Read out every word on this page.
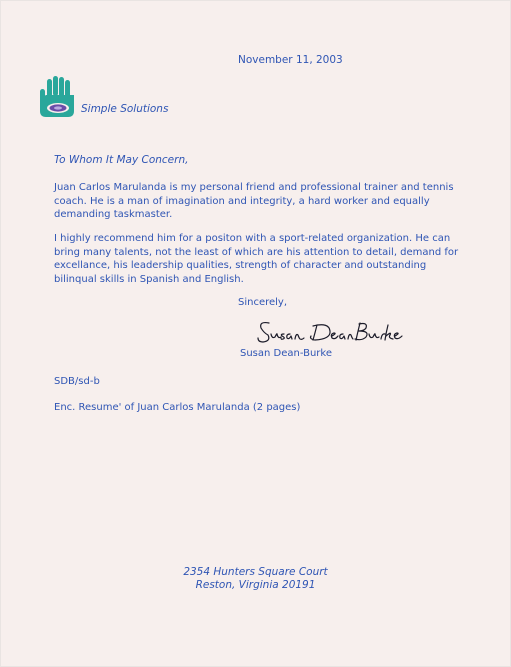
November 11, 2003
Simple Solutions
To Whom It May Concern,
Juan Carlos Marulanda is my personal friend and professional trainer and tennis coach. He is a man of imagination and integrity, a hard worker and equally demanding taskmaster.
I highly recommend him for a positon with a sport-related organization. He can bring many talents, not the least of which are his attention to detail, demand for excellance, his leadership qualities, strength of character and outstanding bilinqual skills in Spanish and English.
Sincerely,
Susan Dean-Burke
SDB/sd-b
Enc. Resume' of Juan Carlos Marulanda (2 pages)
2354 Hunters Square Court
Reston, Virginia 20191
